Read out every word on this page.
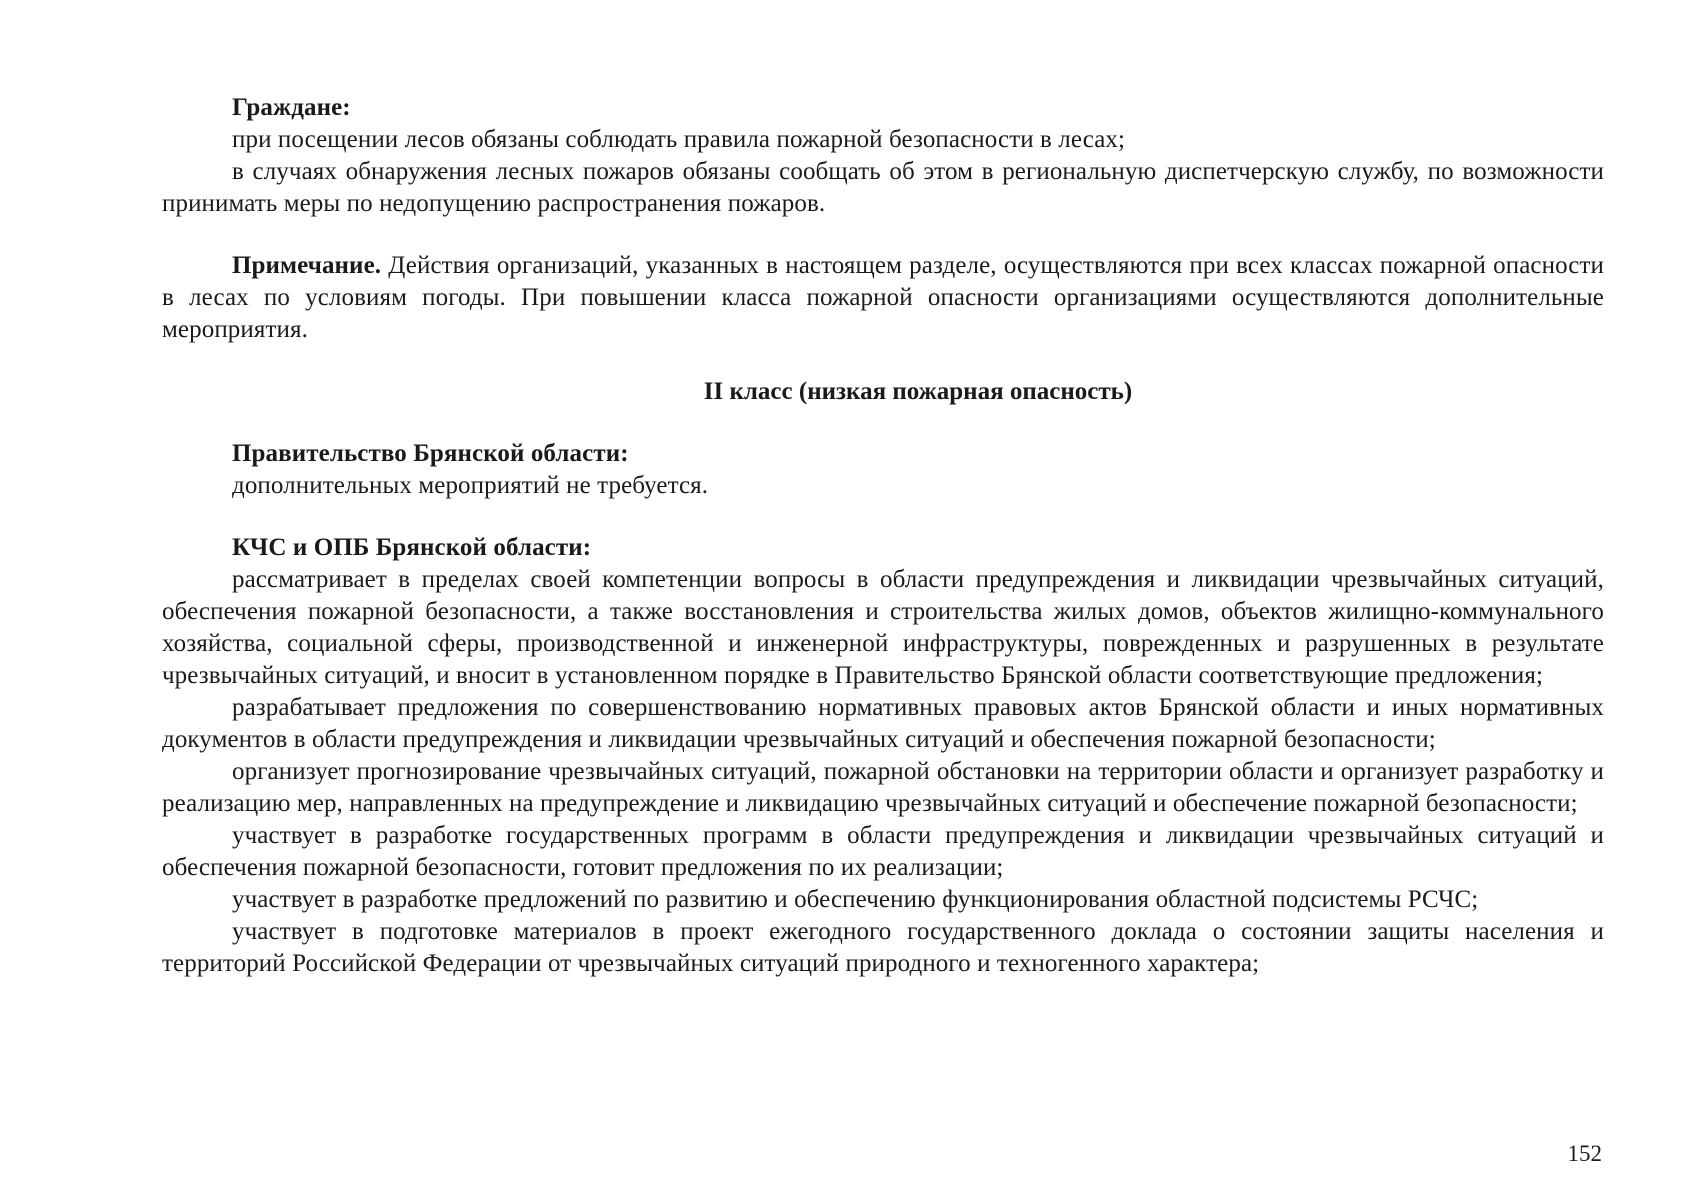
Граждане:

при посещении лесов обязаны соблюдать правила пожарной безопасности в лесах;

в случаях обнаружения лесных пожаров обязаны сообщать об этом в региональную диспетчерскую службу, по возможности принимать меры по недопущению распространения пожаров.

Примечание. Действия организаций, указанных в настоящем разделе, осуществляются при всех классах пожарной опасности в лесах по условиям погоды. При повышении класса пожарной опасности организациями осуществляются дополнительные мероприятия.

II класс (низкая пожарная опасность)
Правительство Брянской области:

дополнительных мероприятий не требуется.

КЧС и ОПБ Брянской области:

рассматривает в пределах своей компетенции вопросы в области предупреждения и ликвидации чрезвычайных ситуаций, обеспечения пожарной безопасности, а также восстановления и строительства жилых домов, объектов жилищно-коммунального хозяйства, социальной сферы, производственной и инженерной инфраструктуры, поврежденных и разрушенных в результате чрезвычайных ситуаций, и вносит в установленном порядке в Правительство Брянской области соответствующие предложения;

разрабатывает предложения по совершенствованию нормативных правовых актов Брянской области и иных нормативных документов в области предупреждения и ликвидации чрезвычайных ситуаций и обеспечения пожарной безопасности;

организует прогнозирование чрезвычайных ситуаций, пожарной обстановки на территории области и организует разработку и реализацию мер, направленных на предупреждение и ликвидацию чрезвычайных ситуаций и обеспечение пожарной безопасности;

участвует в разработке государственных программ в области предупреждения и ликвидации чрезвычайных ситуаций и обеспечения пожарной безопасности, готовит предложения по их реализации;

участвует в разработке предложений по развитию и обеспечению функционирования областной подсистемы РСЧС;

участвует в подготовке материалов в проект ежегодного государственного доклада о состоянии защиты населения и территорий Российской Федерации от чрезвычайных ситуаций природного и техногенного характера;

152
